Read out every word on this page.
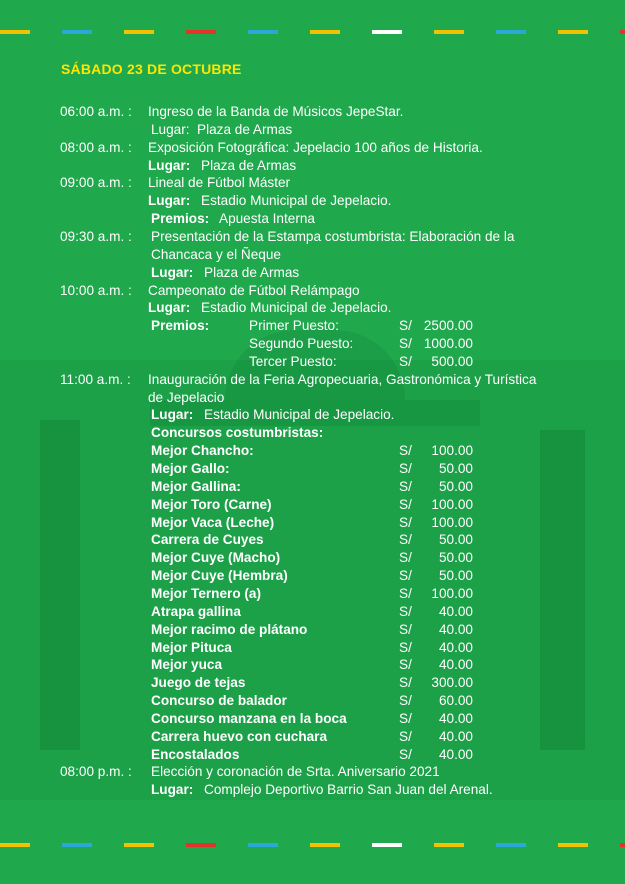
SÁBADO 23 DE OCTUBRE
06:00 a.m. : Ingreso de la Banda de Músicos JepeStar.
Lugar: Plaza de Armas
08:00 a.m. : Exposición Fotográfica: Jepelacio 100 años de Historia.
Lugar: Plaza de Armas
09:00 a.m. : Lineal de Fútbol Máster
Lugar: Estadio Municipal de Jepelacio.
Premios: Apuesta Interna
09:30 a.m. : Presentación de la Estampa costumbrista: Elaboración de la
Chancaca y el Ñeque
Lugar: Plaza de Armas
10:00 a.m. : Campeonato de Fútbol Relámpago
Lugar: Estadio Municipal de Jepelacio.
Premios:	Primer Puesto:	S/ 2500.00
Segundo Puesto:	S/ 1000.00
Tercer Puesto:	S/	500.00
11:00 a.m. : Inauguración de la Feria Agropecuaria, Gastronómica y Turística
de Jepelacio
Lugar: Estadio Municipal de Jepelacio.
Concursos costumbristas:
Mejor Chancho:	S/	100.00
Mejor Gallo:	S/	50.00
Mejor Gallina:	S/	50.00
Mejor Toro (Carne)	S/	100.00
Mejor Vaca (Leche)	S/	100.00
Carrera de Cuyes	S/	50.00
Mejor Cuye (Macho)	S/	50.00
Mejor Cuye (Hembra)	S/	50.00
Mejor Ternero (a)	S/	100.00
Atrapa gallina	S/	40.00
Mejor racimo de plátano	S/	40.00
Mejor Pituca	S/	40.00
Mejor yuca	S/	40.00
Juego de tejas	S/	300.00
Concurso de balador	S/	60.00
Concurso manzana en la boca	S/	40.00
Carrera huevo con cuchara	S/	40.00
Encostalados	S/	40.00
08:00 p.m. : Elección y coronación de Srta. Aniversario 2021
Lugar: Complejo Deportivo Barrio San Juan del Arenal.
